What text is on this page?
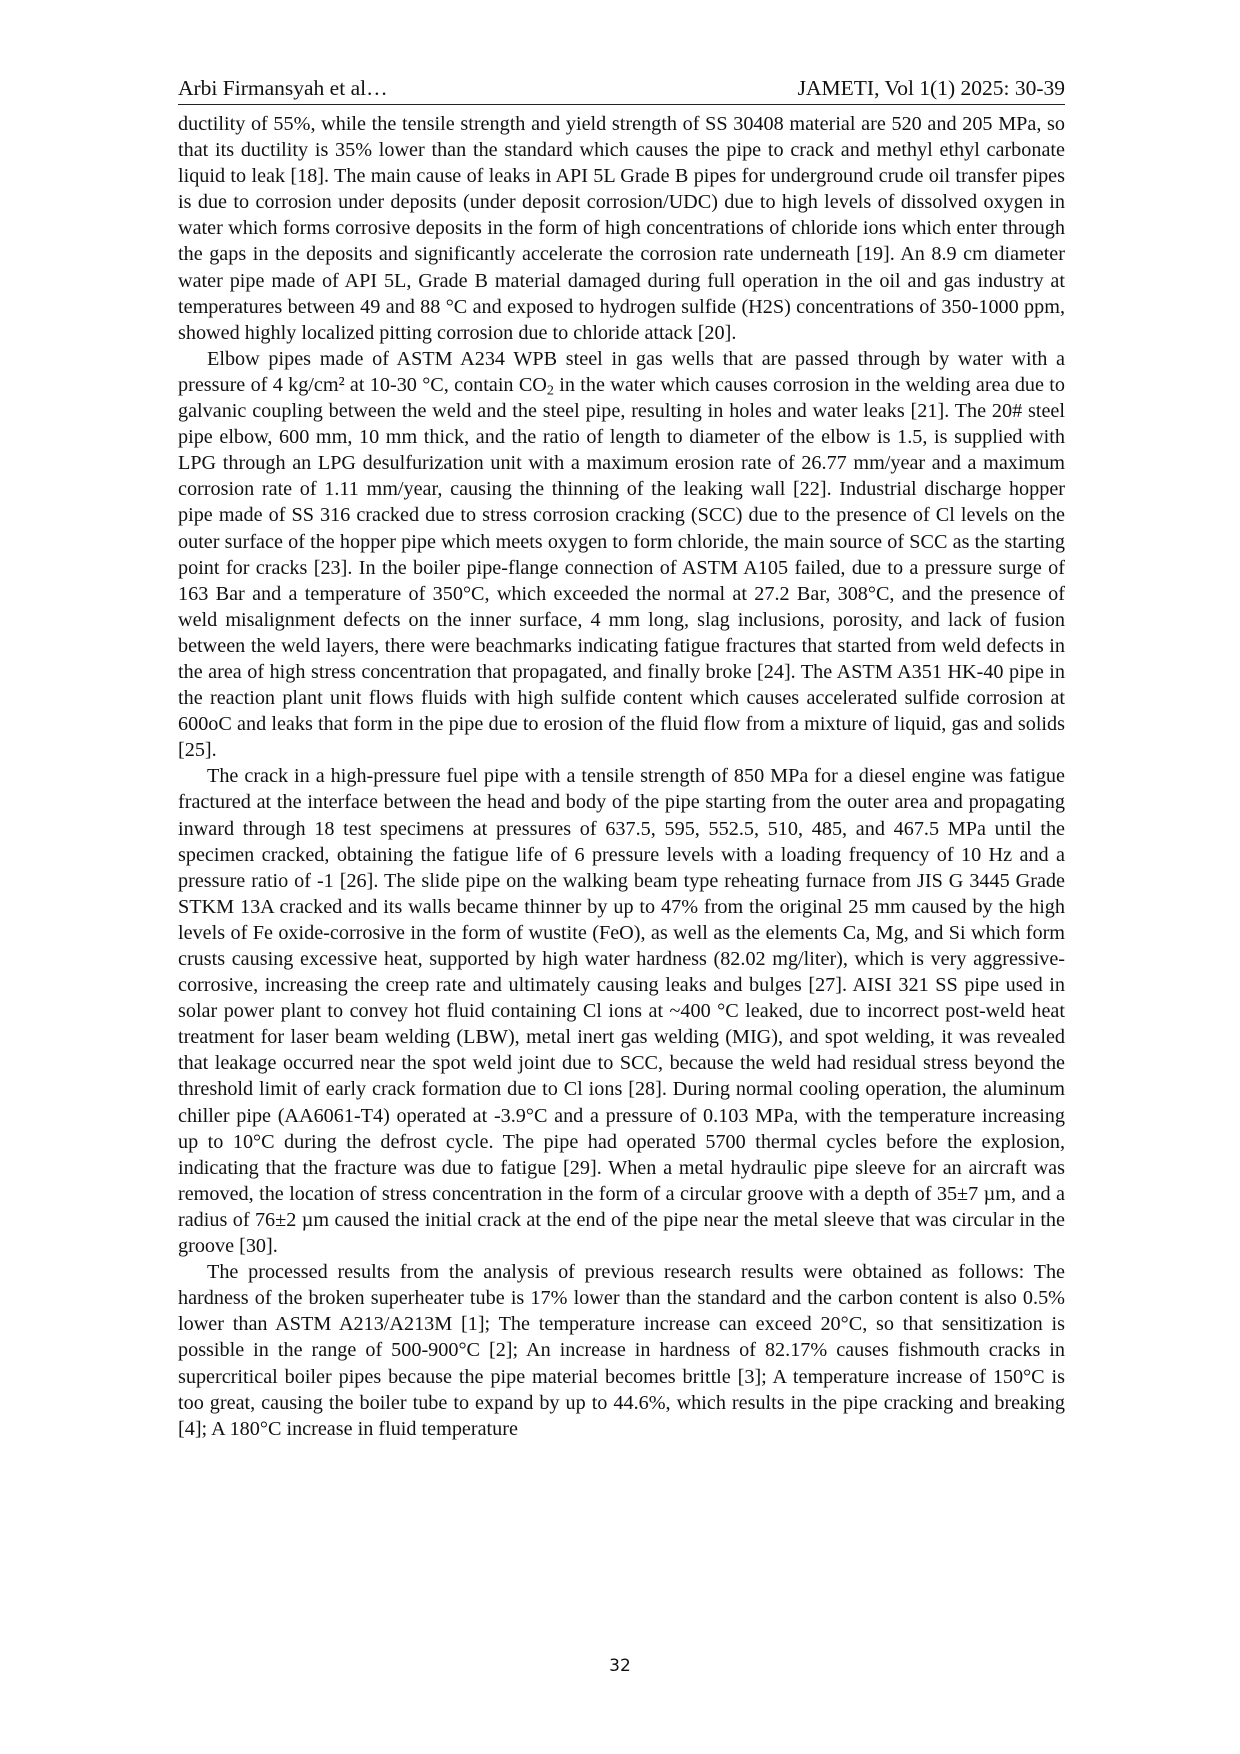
Arbi Firmansyah et al…	JAMETI, Vol 1(1) 2025: 30-39

ductility of 55%, while the tensile strength and yield strength of SS 30408 material are 520 and 205 MPa, so that its ductility is 35% lower than the standard which causes the pipe to crack and methyl ethyl carbonate liquid to leak [18]. The main cause of leaks in API 5L Grade B pipes for underground crude oil transfer pipes is due to corrosion under deposits (under deposit corrosion/UDC) due to high levels of dissolved oxygen in water which forms corrosive deposits in the form of high concentrations of chloride ions which enter through the gaps in the deposits and significantly accelerate the corrosion rate underneath [19]. An 8.9 cm diameter water pipe made of API 5L, Grade B material damaged during full operation in the oil and gas industry at temperatures between 49 and 88 °C and exposed to hydrogen sulfide (H2S) concentrations of 350-1000 ppm, showed highly localized pitting corrosion due to chloride attack [20].

Elbow pipes made of ASTM A234 WPB steel in gas wells that are passed through by water with a pressure of 4 kg/cm² at 10-30 °C, contain $CO_2$ in the water which causes corrosion in the welding area due to galvanic coupling between the weld and the steel pipe, resulting in holes and water leaks [21]. The 20# steel pipe elbow, 600 mm, 10 mm thick, and the ratio of length to diameter of the elbow is 1.5, is supplied with LPG through an LPG desulfurization unit with a maximum erosion rate of 26.77 mm/year and a maximum corrosion rate of 1.11 mm/year, causing the thinning of the leaking wall [22]. Industrial discharge hopper pipe made of SS 316 cracked due to stress corrosion cracking (SCC) due to the presence of Cl levels on the outer surface of the hopper pipe which meets oxygen to form chloride, the main source of SCC as the starting point for cracks [23]. In the boiler pipe-flange connection of ASTM A105 failed, due to a pressure surge of 163 Bar and a temperature of 350°C, which exceeded the normal at 27.2 Bar, 308°C, and the presence of weld misalignment defects on the inner surface, 4 mm long, slag inclusions, porosity, and lack of fusion between the weld layers, there were beachmarks indicating fatigue fractures that started from weld defects in the area of high stress concentration that propagated, and finally broke [24]. The ASTM A351 HK-40 pipe in the reaction plant unit flows fluids with high sulfide content which causes accelerated sulfide corrosion at 600oC and leaks that form in the pipe due to erosion of the fluid flow from a mixture of liquid, gas and solids [25].

The crack in a high-pressure fuel pipe with a tensile strength of 850 MPa for a diesel engine was fatigue fractured at the interface between the head and body of the pipe starting from the outer area and propagating inward through 18 test specimens at pressures of 637.5, 595, 552.5, 510, 485, and 467.5 MPa until the specimen cracked, obtaining the fatigue life of 6 pressure levels with a loading frequency of 10 Hz and a pressure ratio of -1 [26]. The slide pipe on the walking beam type reheating furnace from JIS G 3445 Grade STKM 13A cracked and its walls became thinner by up to 47% from the original 25 mm caused by the high levels of Fe oxide-corrosive in the form of wustite (FeO), as well as the elements Ca, Mg, and Si which form crusts causing excessive heat, supported by high water hardness (82.02 mg/liter), which is very aggressive-corrosive, increasing the creep rate and ultimately causing leaks and bulges [27]. AISI 321 SS pipe used in solar power plant to convey hot fluid containing Cl ions at ~400 °C leaked, due to incorrect post-weld heat treatment for laser beam welding (LBW), metal inert gas welding (MIG), and spot welding, it was revealed that leakage occurred near the spot weld joint due to SCC, because the weld had residual stress beyond the threshold limit of early crack formation due to Cl ions [28]. During normal cooling operation, the aluminum chiller pipe (AA6061-T4) operated at -3.9°C and a pressure of 0.103 MPa, with the temperature increasing up to 10°C during the defrost cycle. The pipe had operated 5700 thermal cycles before the explosion, indicating that the fracture was due to fatigue [29]. When a metal hydraulic pipe sleeve for an aircraft was removed, the location of stress concentration in the form of a circular groove with a depth of 35±7 µm, and a radius of 76±2 µm caused the initial crack at the end of the pipe near the metal sleeve that was circular in the groove [30].

The processed results from the analysis of previous research results were obtained as follows: The hardness of the broken superheater tube is 17% lower than the standard and the carbon content is also 0.5% lower than ASTM A213/A213M [1]; The temperature increase can exceed 20°C, so that sensitization is possible in the range of 500-900°C [2]; An increase in hardness of 82.17% causes fishmouth cracks in supercritical boiler pipes because the pipe material becomes brittle [3]; A temperature increase of 150°C is too great, causing the boiler tube to expand by up to 44.6%, which results in the pipe cracking and breaking [4]; A 180°C increase in fluid temperature

32
